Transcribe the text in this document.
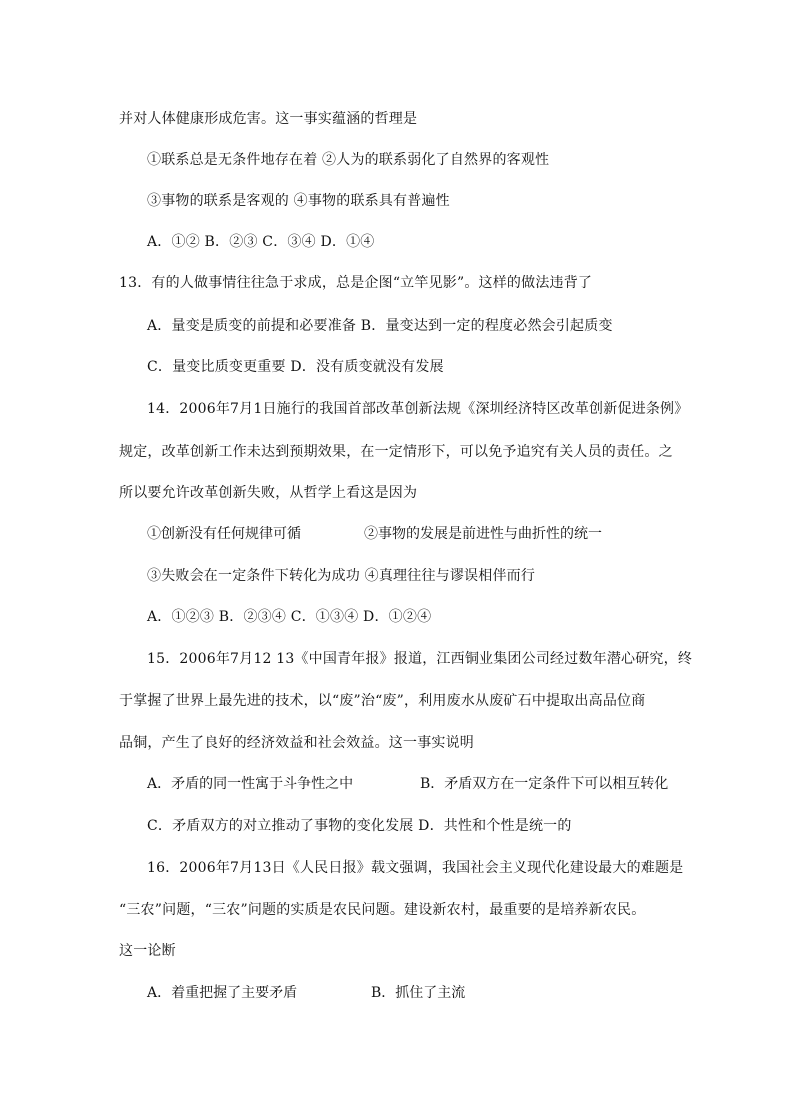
并对人体健康形成危害。这一事实蕴涵的哲理是
①联系总是无条件地存在着 ②人为的联系弱化了自然界的客观性
③事物的联系是客观的 ④事物的联系具有普遍性
A．①② B．②③ C．③④ D．①④
13．有的人做事情往往急于求成，总是企图“立竿见影”。这样的做法违背了
A．量变是质变的前提和必要准备 B．量变达到一定的程度必然会引起质变
C．量变比质变更重要 D．没有质变就没有发展
14．2006年7月1日施行的我国首部改革创新法规《深圳经济特区改革创新促进条例》
规定，改革创新工作未达到预期效果，在一定情形下，可以免予追究有关人员的责任。之
所以要允许改革创新失败，从哲学上看这是因为
①创新没有任何规律可循	②事物的发展是前进性与曲折性的统一
③失败会在一定条件下转化为成功 ④真理往往与谬误相伴而行
A．①②③ B．②③④ C．①③④ D．①②④
15．2006年7月12 13《中国青年报》报道，江西铜业集团公司经过数年潜心研究，终
于掌握了世界上最先进的技术，以“废”治“废”，利用废水从废矿石中提取出高品位商
品铜，产生了良好的经济效益和社会效益。这一事实说明
A．矛盾的同一性寓于斗争性之中	B．矛盾双方在一定条件下可以相互转化
C．矛盾双方的对立推动了事物的变化发展 D．共性和个性是统一的
16．2006年7月13日《人民日报》载文强调，我国社会主义现代化建设最大的难题是
“三农”问题，“三农”问题的实质是农民问题。建设新农村，最重要的是培养新农民。
这一论断
A．着重把握了主要矛盾	B．抓住了主流
